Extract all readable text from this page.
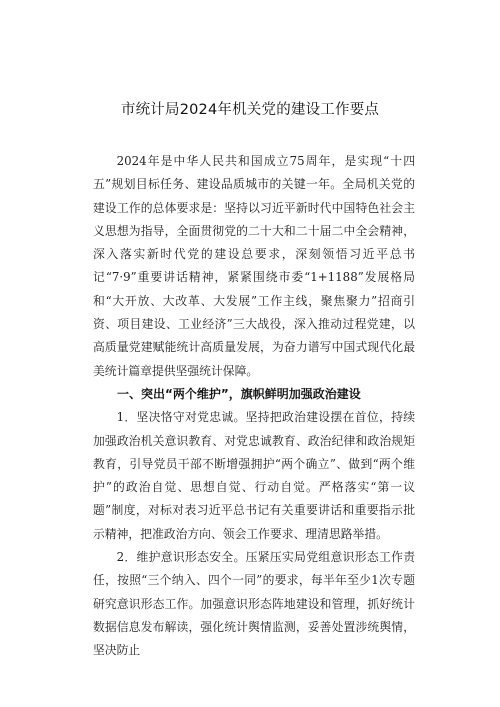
市统计局2024年机关党的建设工作要点

2024年是中华人民共和国成立75周年，是实现“十四五”规划目标任务、建设品质城市的关键一年。全局机关党的建设工作的总体要求是：坚持以习近平新时代中国特色社会主义思想为指导，全面贯彻党的二十大和二十届二中全会精神，深入落实新时代党的建设总要求，深刻领悟习近平总书记“7·9”重要讲话精神，紧紧围绕市委“1+1188”发展格局和“大开放、大改革、大发展”工作主线，聚焦聚力”招商引资、项目建设、工业经济”三大战役，深入推动过程党建，以高质量党建赋能统计高质量发展，为奋力谱写中国式现代化最美统计篇章提供坚强统计保障。

一、突出“两个维护”，旗帜鲜明加强政治建设

1．坚决恪守对党忠诚。坚持把政治建设摆在首位，持续加强政治机关意识教育、对党忠诚教育、政治纪律和政治规矩教育，引导党员干部不断增强拥护“两个确立”、做到“两个维护”的政治自觉、思想自觉、行动自觉。严格落实“第一议题”制度，对标对表习近平总书记有关重要讲话和重要指示批示精神，把准政治方向、领会工作要求、理清思路举措。

2．维护意识形态安全。压紧压实局党组意识形态工作责任，按照“三个纳入、四个一同”的要求，每半年至少1次专题研究意识形态工作。加强意识形态阵地建设和管理，抓好统计数据信息发布解读，强化统计舆情监测，妥善处置涉统舆情，坚决防止
